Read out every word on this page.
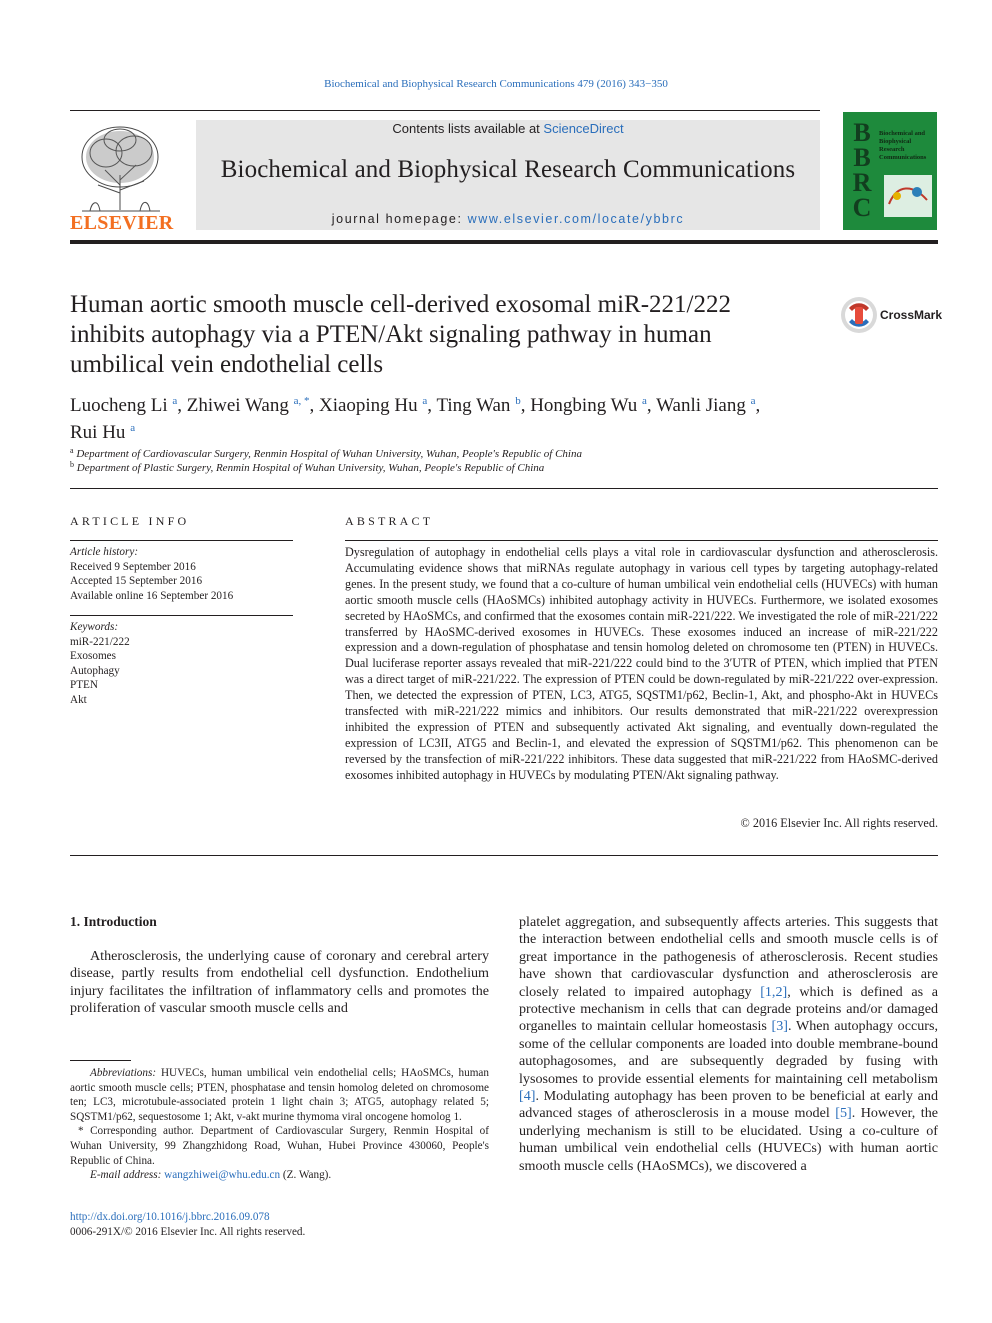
Biochemical and Biophysical Research Communications 479 (2016) 343−350
ELSEVIER
Contents lists available at ScienceDirect
Biochemical and Biophysical Research Communications
journal homepage: www.elsevier.com/locate/ybbrc
B
B
R
C
Biochemical and Biophysical Research Communications
Human aortic smooth muscle cell-derived exosomal miR-221/222 inhibits autophagy via a PTEN/Akt signaling pathway in human umbilical vein endothelial cells
CrossMark
Luocheng Li $^a$, Zhiwei Wang $^{a, *}$, Xiaoping Hu $^a$, Ting Wan $^b$, Hongbing Wu $^a$, Wanli Jiang $^a$,
Rui Hu $^a$
$^a$ Department of Cardiovascular Surgery, Renmin Hospital of Wuhan University, Wuhan, People's Republic of China
$^b$ Department of Plastic Surgery, Renmin Hospital of Wuhan University, Wuhan, People's Republic of China
ARTICLE INFO
Article history:
Received 9 September 2016
Accepted 15 September 2016
Available online 16 September 2016
Keywords:
miR-221/222
Exosomes
Autophagy
PTEN
Akt
ABSTRACT
Dysregulation of autophagy in endothelial cells plays a vital role in cardiovascular dysfunction and atherosclerosis. Accumulating evidence shows that miRNAs regulate autophagy in various cell types by targeting autophagy-related genes. In the present study, we found that a co-culture of human umbilical vein endothelial cells (HUVECs) with human aortic smooth muscle cells (HAoSMCs) inhibited autophagy activity in HUVECs. Furthermore, we isolated exosomes secreted by HAoSMCs, and confirmed that the exosomes contain miR-221/222. We investigated the role of miR-221/222 transferred by HAoSMC-derived exosomes in HUVECs. These exosomes induced an increase of miR-221/222 expression and a down-regulation of phosphatase and tensin homolog deleted on chromosome ten (PTEN) in HUVECs. Dual luciferase reporter assays revealed that miR-221/222 could bind to the 3′UTR of PTEN, which implied that PTEN was a direct target of miR-221/222. The expression of PTEN could be down-regulated by miR-221/222 over-expression. Then, we detected the expression of PTEN, LC3, ATG5, SQSTM1/p62, Beclin-1, Akt, and phospho-Akt in HUVECs transfected with miR-221/222 mimics and inhibitors. Our results demonstrated that miR-221/222 overexpression inhibited the expression of PTEN and subsequently activated Akt signaling, and eventually down-regulated the expression of LC3II, ATG5 and Beclin-1, and elevated the expression of SQSTM1/p62. This phenomenon can be reversed by the transfection of miR-221/222 inhibitors. These data suggested that miR-221/222 from HAoSMC-derived exosomes inhibited autophagy in HUVECs by modulating PTEN/Akt signaling pathway.
© 2016 Elsevier Inc. All rights reserved.
1. Introduction
Atherosclerosis, the underlying cause of coronary and cerebral artery disease, partly results from endothelial cell dysfunction. Endothelium injury facilitates the infiltration of inflammatory cells and promotes the proliferation of vascular smooth muscle cells and
platelet aggregation, and subsequently affects arteries. This suggests that the interaction between endothelial cells and smooth muscle cells is of great importance in the pathogenesis of atherosclerosis. Recent studies have shown that cardiovascular dysfunction and atherosclerosis are closely related to impaired autophagy [1,2], which is defined as a protective mechanism in cells that can degrade proteins and/or damaged organelles to maintain cellular homeostasis [3]. When autophagy occurs, some of the cellular components are loaded into double membrane-bound autophagosomes, and are subsequently degraded by fusing with lysosomes to provide essential elements for maintaining cell metabolism [4]. Modulating autophagy has been proven to be beneficial at early and advanced stages of atherosclerosis in a mouse model [5]. However, the underlying mechanism is still to be elucidated. Using a co-culture of human umbilical vein endothelial cells (HUVECs) with human aortic smooth muscle cells (HAoSMCs), we discovered a
Abbreviations: HUVECs, human umbilical vein endothelial cells; HAoSMCs, human aortic smooth muscle cells; PTEN, phosphatase and tensin homolog deleted on chromosome ten; LC3, microtubule-associated protein 1 light chain 3; ATG5, autophagy related 5; SQSTM1/p62, sequestosome 1; Akt, v-akt murine thymoma viral oncogene homolog 1.
* Corresponding author. Department of Cardiovascular Surgery, Renmin Hospital of Wuhan University, 99 Zhangzhidong Road, Wuhan, Hubei Province 430060, People's Republic of China.
E-mail address: wangzhiwei@whu.edu.cn (Z. Wang).
http://dx.doi.org/10.1016/j.bbrc.2016.09.078
0006-291X/© 2016 Elsevier Inc. All rights reserved.
